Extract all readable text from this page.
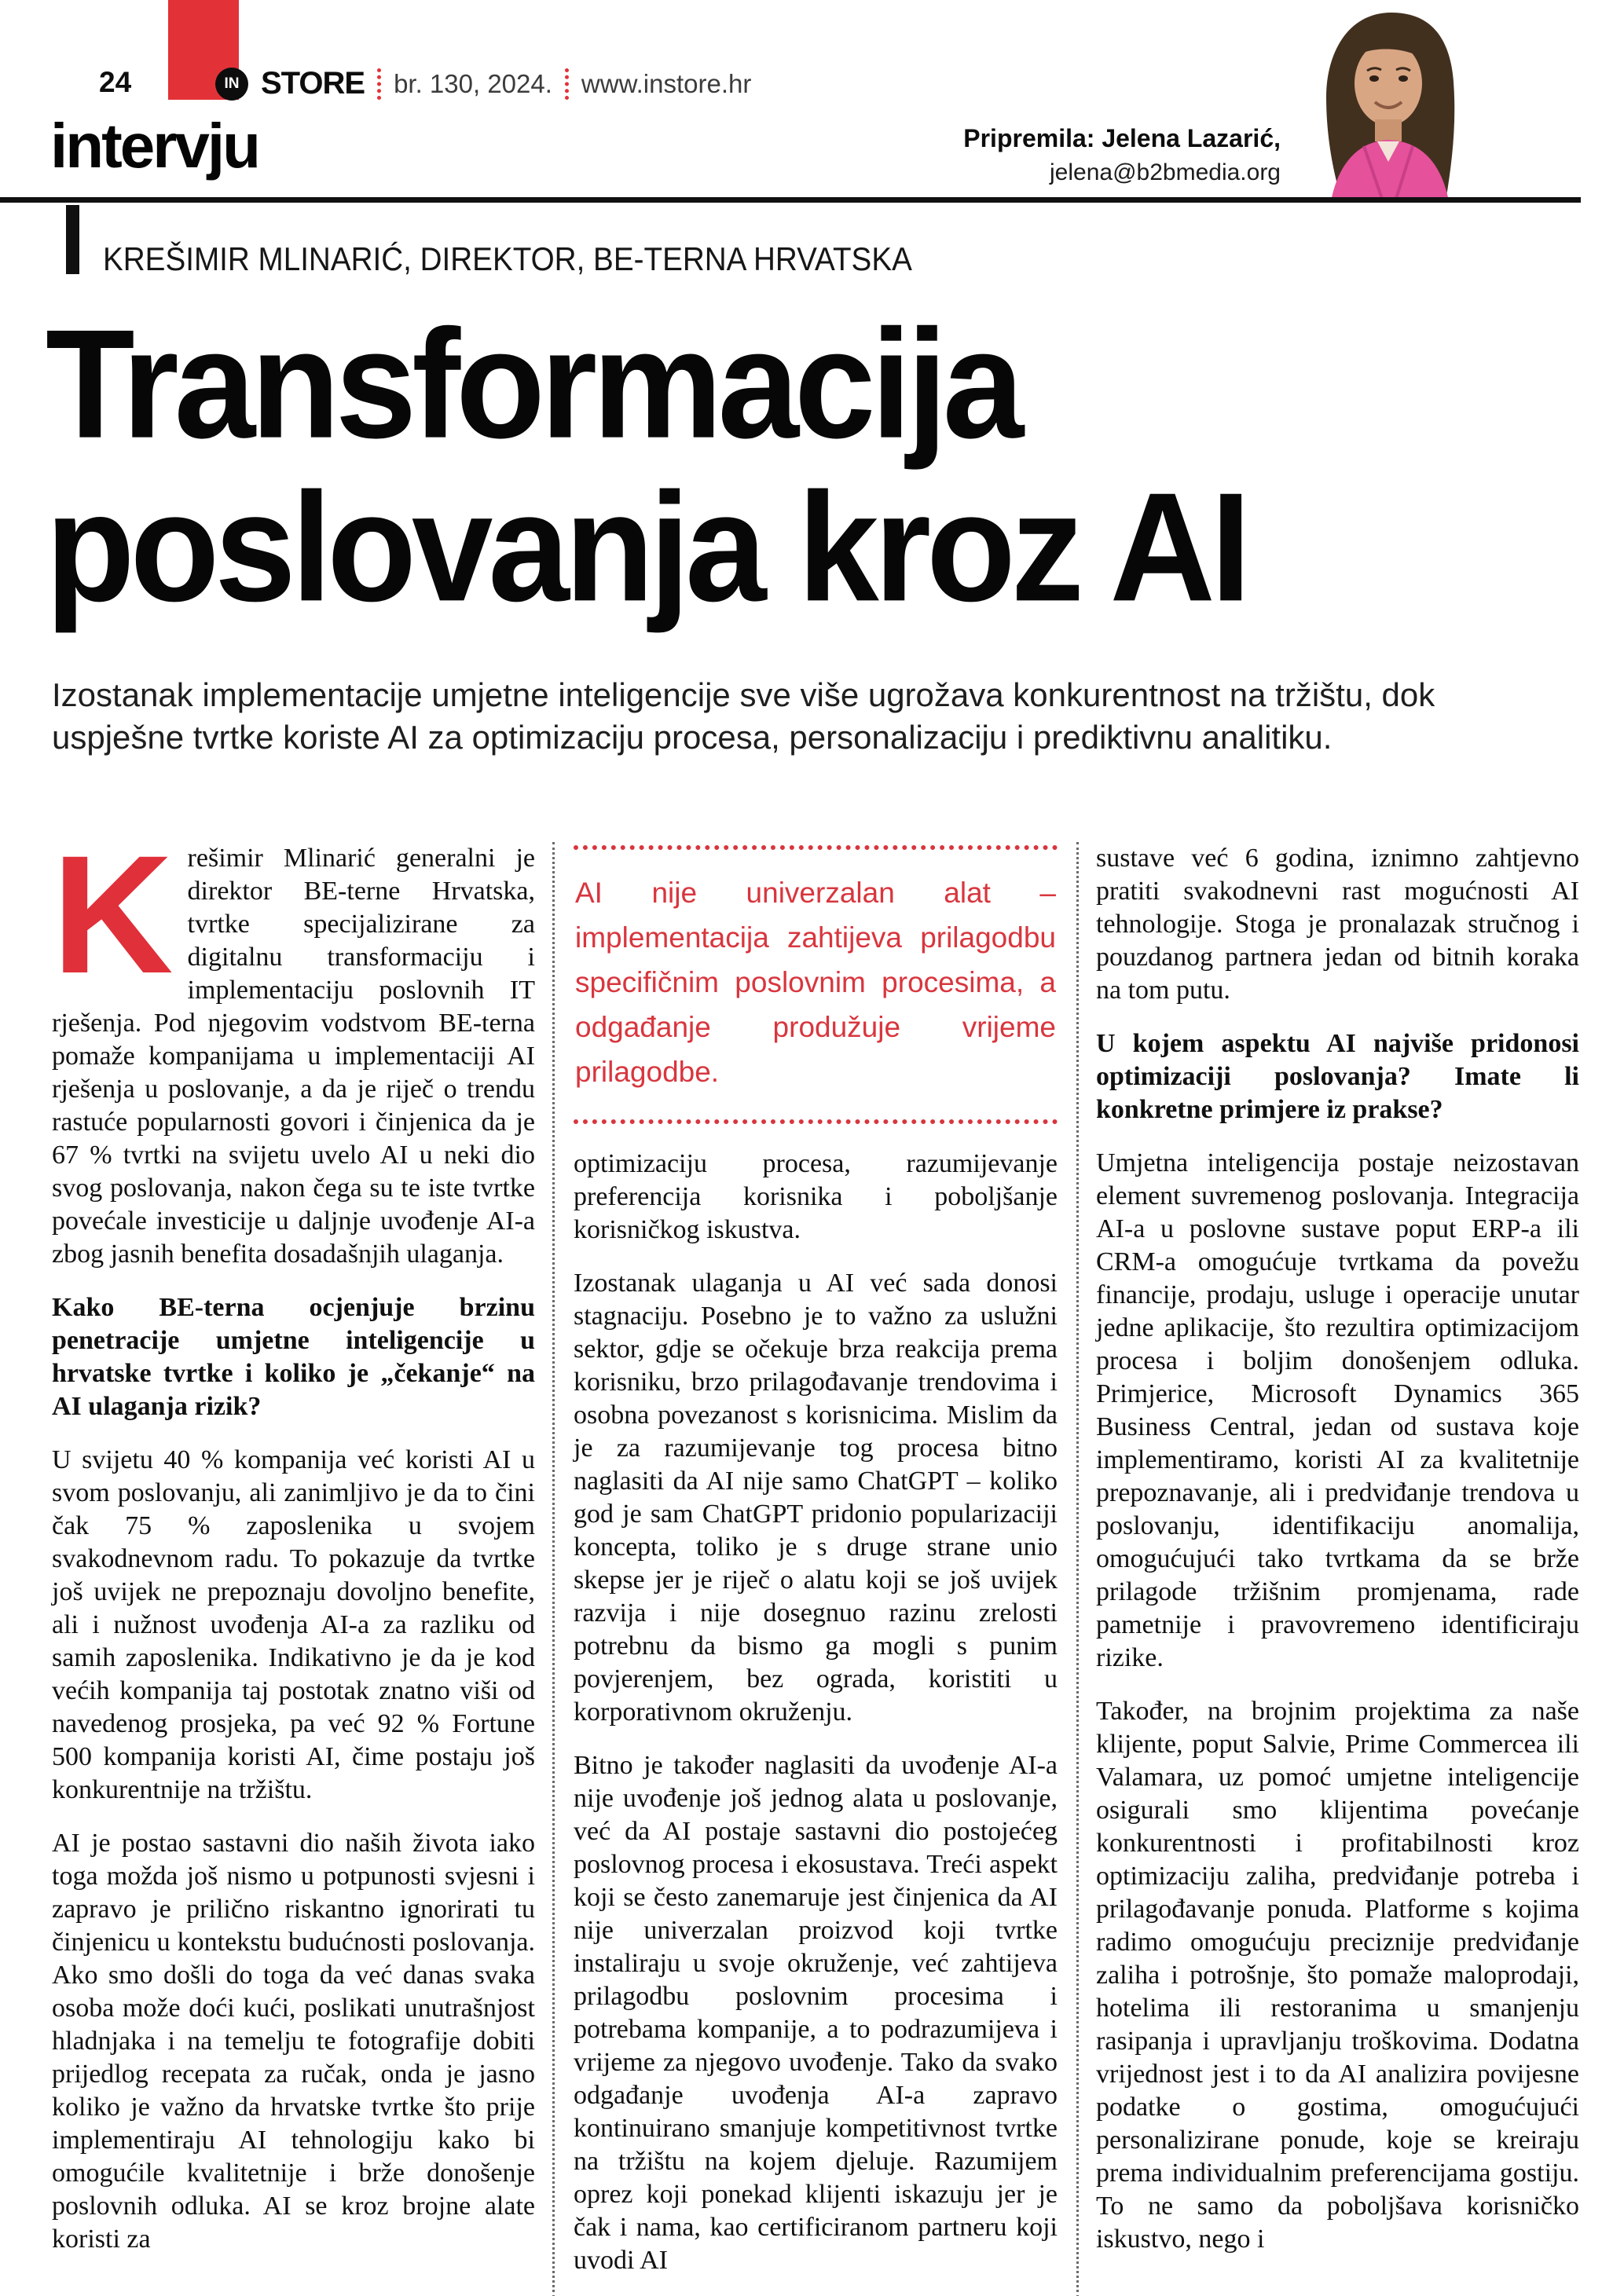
24	IN STORE br. 130, 2024. www.instore.hr
intervju	Pripremila: Jelena Lazarić,
jelena@b2bmedia.org
KREŠIMIR MLINARIĆ, DIREKTOR, BE-TERNA HRVATSKA
Transformacija
poslovanja kroz AI
Izostanak implementacije umjetne inteligencije sve više ugrožava konkurentnost na tržištu, dok uspješne tvrtke koriste AI za optimizaciju procesa, personalizaciju i prediktivnu analitiku.

Krešimir Mlinarić generalni je direktor BE-terne Hrvatska, tvrtke specijalizirane za digitalnu transformaciju i implementaciju poslovnih IT rješenja. Pod njegovim vodstvom BE-terna pomaže kompanijama u implementaciji AI rješenja u poslovanje, a da je riječ o trendu rastuće popularnosti govori i činjenica da je 67 % tvrtki na svijetu uvelo AI u neki dio svog poslovanja, nakon čega su te iste tvrtke povećale investicije u daljnje uvođenje AI-a zbog jasnih benefita dosadašnjih ulaganja.

Kako BE-terna ocjenjuje brzinu penetracije umjetne inteligencije u hrvatske tvrtke i koliko je „čekanje“ na AI ulaganja rizik?

U svijetu 40 % kompanija već koristi AI u svom poslovanju, ali zanimljivo je da to čini čak 75 % zaposlenika u svojem svakodnevnom radu. To pokazuje da tvrtke još uvijek ne prepoznaju dovoljno benefite, ali i nužnost uvođenja AI-a za razliku od samih zaposlenika. Indikativno je da je kod većih kompanija taj postotak znatno viši od navedenog prosjeka, pa već 92 % Fortune 500 kompanija koristi AI, čime postaju još konkurentnije na tržištu.

AI je postao sastavni dio naših života iako toga možda još nismo u potpunosti svjesni i zapravo je prilično riskantno ignorirati tu činjenicu u kontekstu budućnosti poslovanja. Ako smo došli do toga da već danas svaka osoba može doći kući, poslikati unutrašnjost hladnjaka i na temelju te fotografije dobiti prijedlog recepata za ručak, onda je jasno koliko je važno da hrvatske tvrtke što prije implementiraju AI tehnologiju kako bi omogućile kvalitetnije i brže donošenje poslovnih odluka. AI se kroz brojne alate koristi za

AI nije univerzalan alat – implementacija zahtijeva prilagodbu specifičnim poslovnim procesima, a odgađanje produžuje vrijeme prilagodbe.

optimizaciju procesa, razumijevanje preferencija korisnika i poboljšanje korisničkog iskustva.

Izostanak ulaganja u AI već sada donosi stagnaciju. Posebno je to važno za uslužni sektor, gdje se očekuje brza reakcija prema korisniku, brzo prilagođavanje trendovima i osobna povezanost s korisnicima. Mislim da je za razumijevanje tog procesa bitno naglasiti da AI nije samo ChatGPT – koliko god je sam ChatGPT pridonio popularizaciji koncepta, toliko je s druge strane unio skepse jer je riječ o alatu koji se još uvijek razvija i nije dosegnuo razinu zrelosti potrebnu da bismo ga mogli s punim povjerenjem, bez ograda, koristiti u korporativnom okruženju.

Bitno je također naglasiti da uvođenje AI-a nije uvođenje još jednog alata u poslovanje, već da AI postaje sastavni dio postojećeg poslovnog procesa i ekosustava. Treći aspekt koji se često zanemaruje jest činjenica da AI nije univerzalan proizvod koji tvrtke instaliraju u svoje okruženje, već zahtijeva prilagodbu poslovnim procesima i potrebama kompanije, a to podrazumijeva i vrijeme za njegovo uvođenje. Tako da svako odgađanje uvođenja AI-a zapravo kontinuirano smanjuje kompetitivnost tvrtke na tržištu na kojem djeluje. Razumijem oprez koji ponekad klijenti iskazuju jer je čak i nama, kao certificiranom partneru koji uvodi AI

sustave već 6 godina, iznimno zahtjevno pratiti svakodnevni rast mogućnosti AI tehnologije. Stoga je pronalazak stručnog i pouzdanog partnera jedan od bitnih koraka na tom putu.

U kojem aspektu AI najviše pridonosi optimizaciji poslovanja? Imate li konkretne primjere iz prakse?

Umjetna inteligencija postaje neizostavan element suvremenog poslovanja. Integracija AI-a u poslovne sustave poput ERP-a ili CRM-a omogućuje tvrtkama da povežu financije, prodaju, usluge i operacije unutar jedne aplikacije, što rezultira optimizacijom procesa i boljim donošenjem odluka. Primjerice, Microsoft Dynamics 365 Business Central, jedan od sustava koje implementiramo, koristi AI za kvalitetnije prepoznavanje, ali i predviđanje trendova u poslovanju, identifikaciju anomalija, omogućujući tako tvrtkama da se brže prilagode tržišnim promjenama, rade pametnije i pravovremeno identificiraju rizike.

Također, na brojnim projektima za naše klijente, poput Salvie, Prime Commercea ili Valamara, uz pomoć umjetne inteligencije osigurali smo klijentima povećanje konkurentnosti i profitabilnosti kroz optimizaciju zaliha, predviđanje potreba i prilagođavanje ponuda. Platforme s kojima radimo omogućuju preciznije predviđanje zaliha i potrošnje, što pomaže maloprodaji, hotelima ili restoranima u smanjenju rasipanja i upravljanju troškovima. Dodatna vrijednost jest i to da AI analizira povijesne podatke o gostima, omogućujući personalizirane ponude, koje se kreiraju prema individualnim preferencijama gostiju. To ne samo da poboljšava korisničko iskustvo, nego i
